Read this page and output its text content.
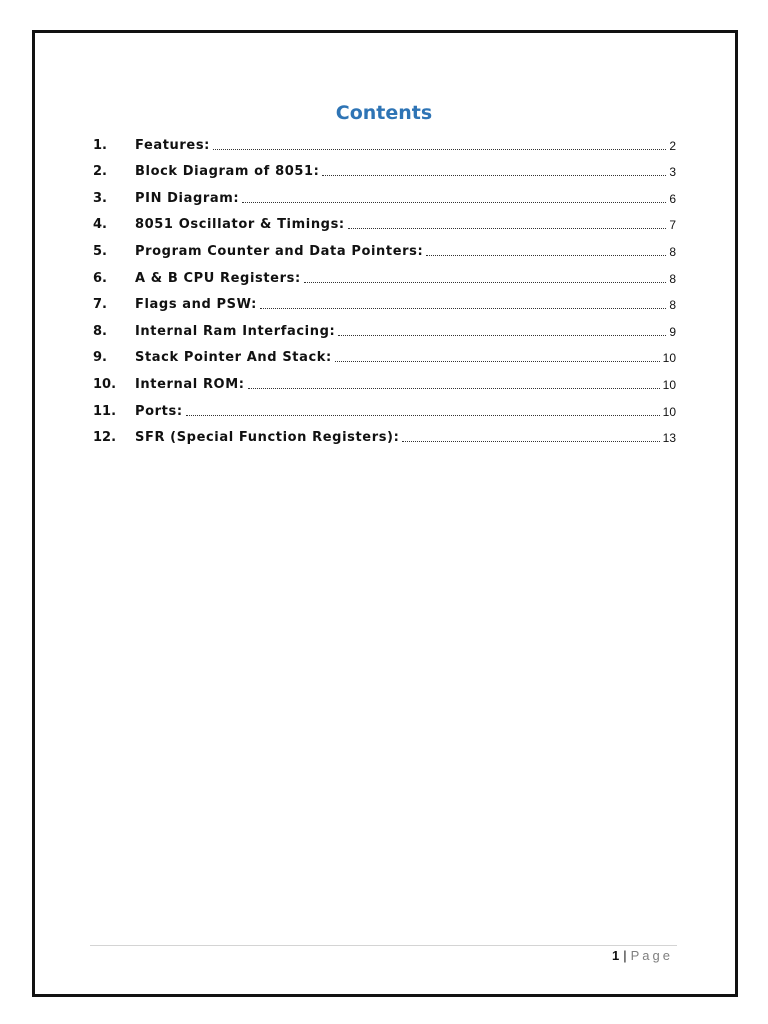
Contents
1.	Features:	2
2.	Block Diagram of 8051:	3
3.	PIN Diagram:	6
4.	8051 Oscillator & Timings:	7
5.	Program Counter and Data Pointers:	8
6.	A & B CPU Registers:	8
7.	Flags and PSW:	8
8.	Internal Ram Interfacing:	9
9.	Stack Pointer And Stack:	10
10.	Internal ROM:	10
11.	Ports:	10
12.	SFR (Special Function Registers):	13
1 | Page
